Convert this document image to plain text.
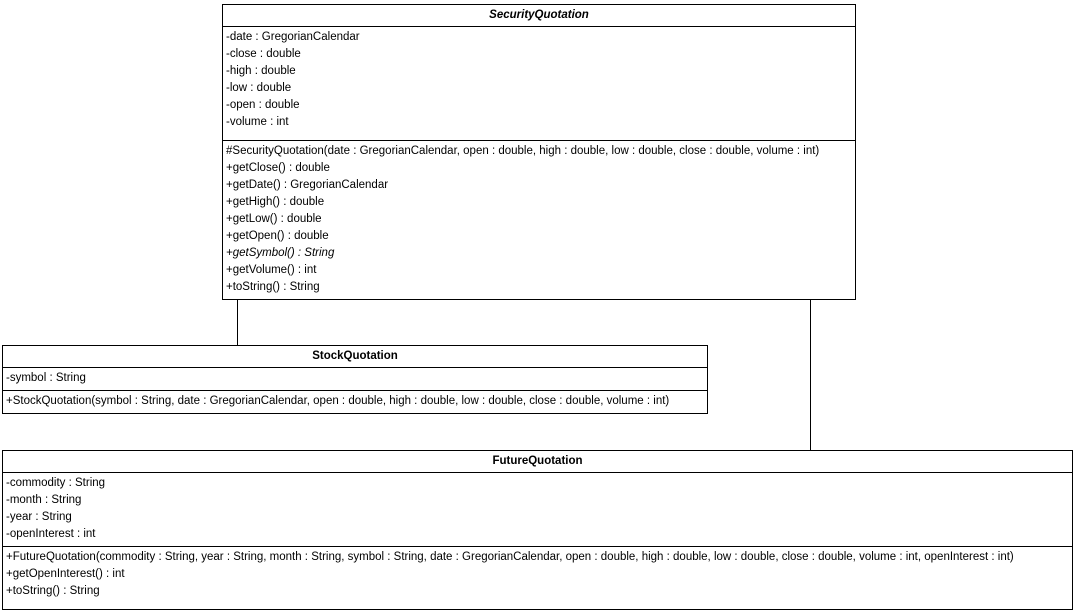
SecurityQuotation
-date : GregorianCalendar
-close : double
-high : double
-low : double
-open : double
-volume : int
#SecurityQuotation(date : GregorianCalendar, open : double, high : double, low : double, close : double, volume : int)
+getClose() : double
+getDate() : GregorianCalendar
+getHigh() : double
+getLow() : double
+getOpen() : double
+getSymbol() : String
+getVolume() : int
+toString() : String
StockQuotation
-symbol : String
+StockQuotation(symbol : String, date : GregorianCalendar, open : double, high : double, low : double, close : double, volume : int)
FutureQuotation
-commodity : String
-month : String
-year : String
-openInterest : int
+FutureQuotation(commodity : String, year : String, month : String, symbol : String, date : GregorianCalendar, open : double, high : double, low : double, close : double, volume : int, openInterest : int)
+getOpenInterest() : int
+toString() : String
